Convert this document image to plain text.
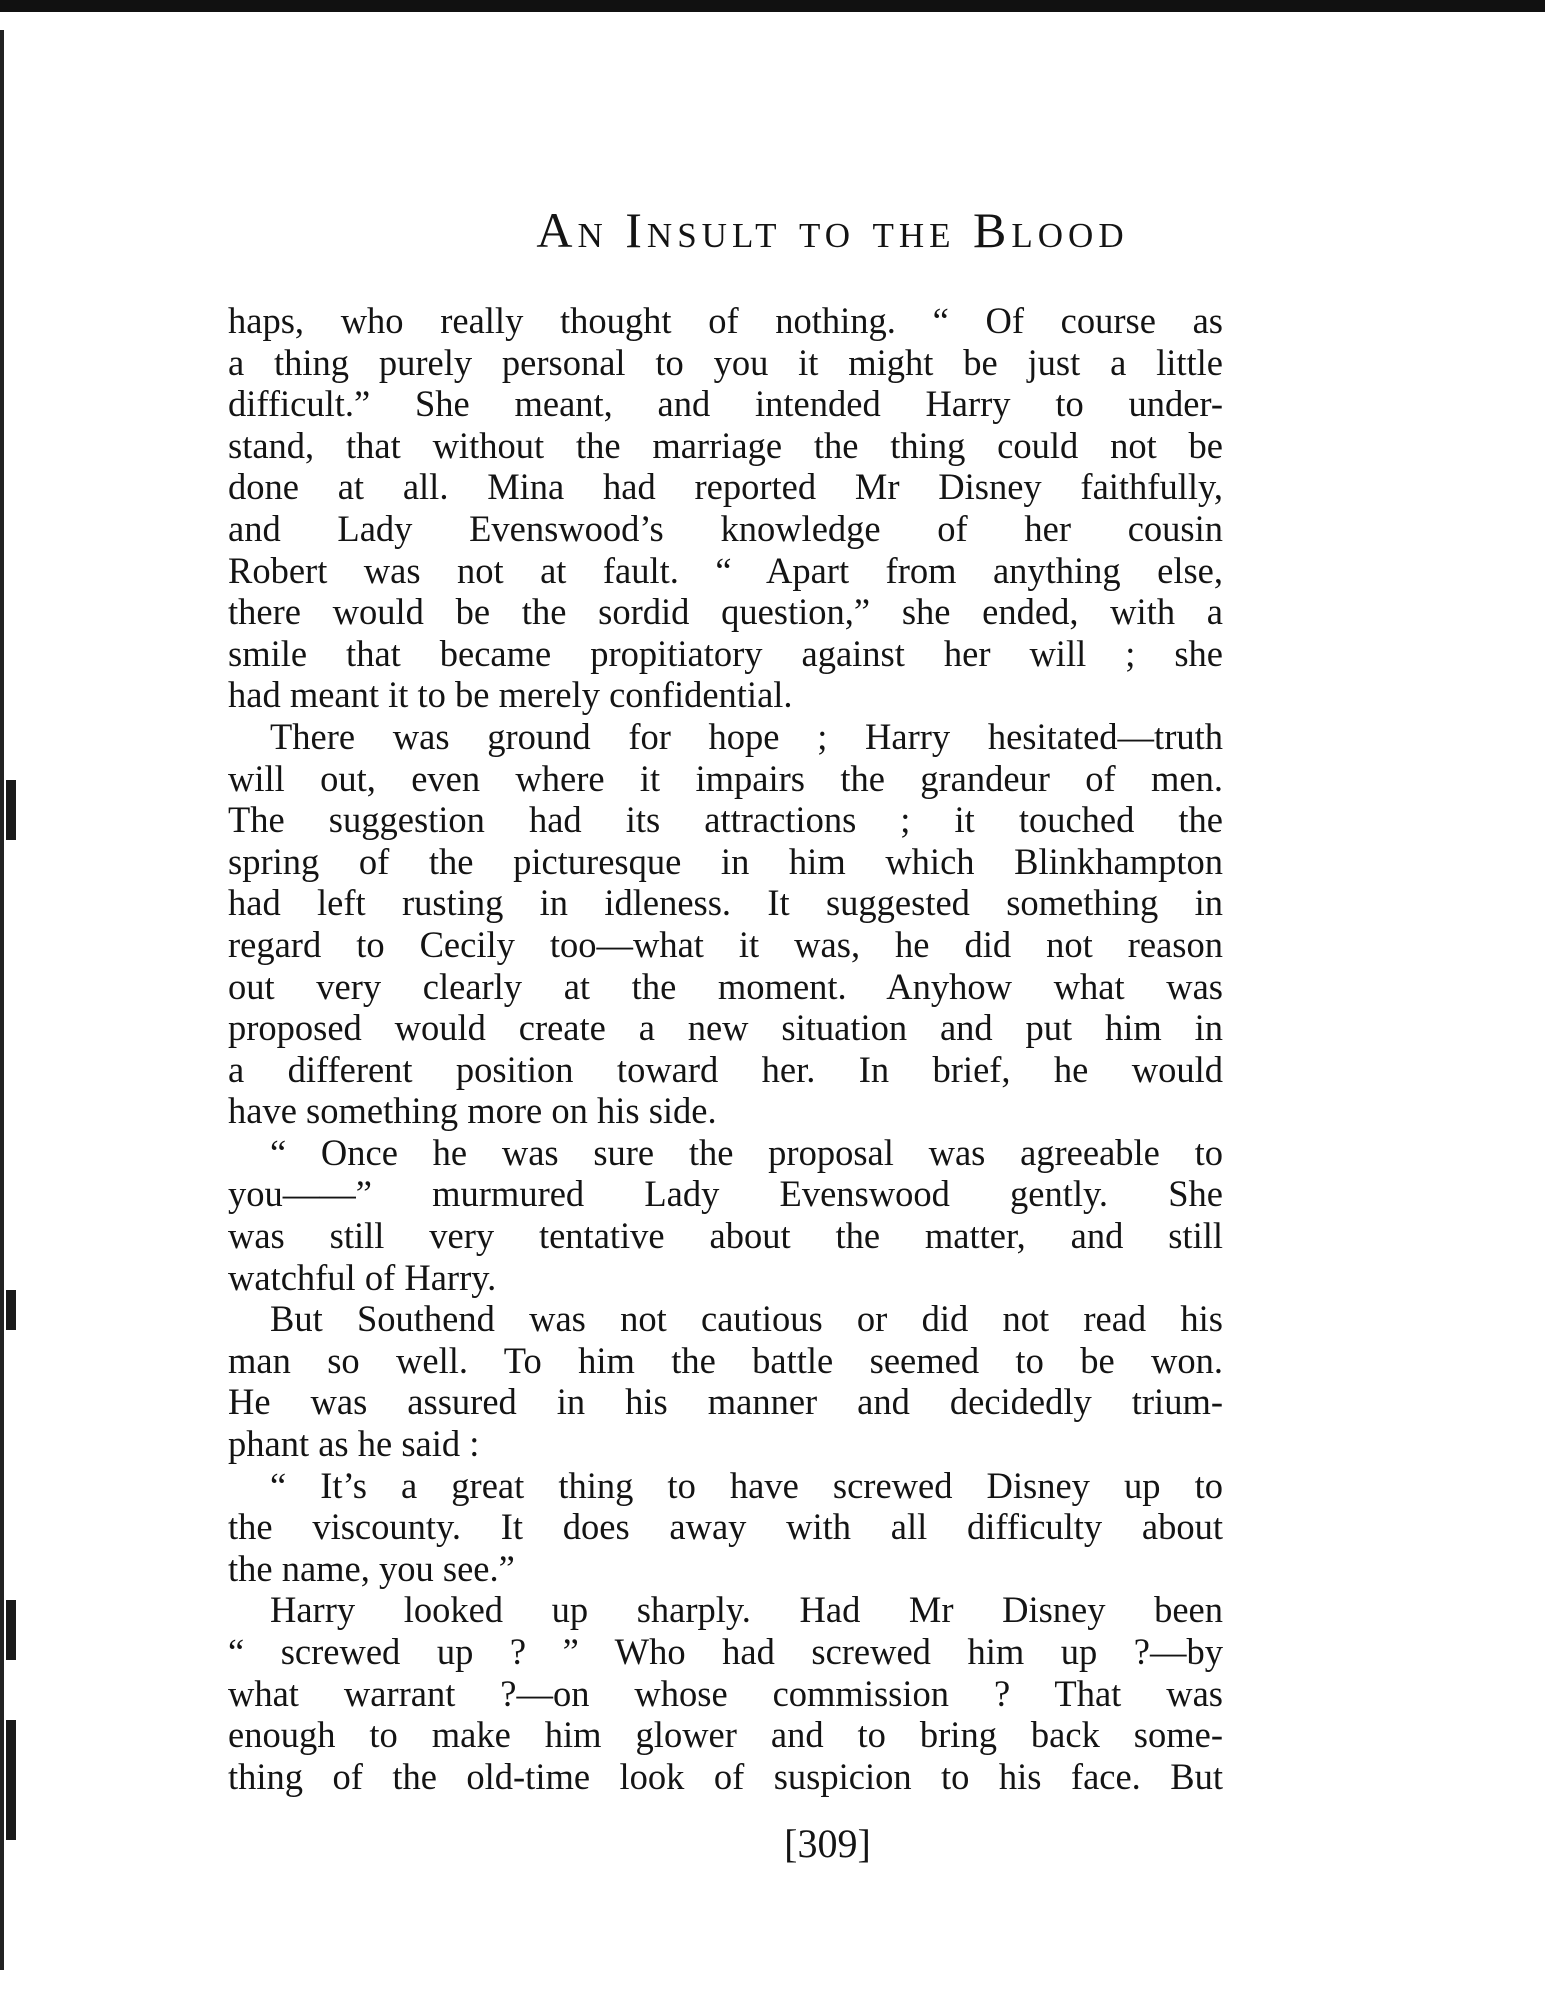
An Insult to the Blood
haps, who really thought of nothing. “ Of course as
a thing purely personal to you it might be just a little
difficult.” She meant, and intended Harry to under-
stand, that without the marriage the thing could not be
done at all. Mina had reported Mr Disney faithfully,
and Lady Evenswood’s knowledge of her cousin
Robert was not at fault. “ Apart from anything else,
there would be the sordid question,” she ended, with a
smile that became propitiatory against her will ; she
had meant it to be merely confidential.
There was ground for hope ; Harry hesitated—truth
will out, even where it impairs the grandeur of men.
The suggestion had its attractions ; it touched the
spring of the picturesque in him which Blinkhampton
had left rusting in idleness. It suggested something in
regard to Cecily too—what it was, he did not reason
out very clearly at the moment. Anyhow what was
proposed would create a new situation and put him in
a different position toward her. In brief, he would
have something more on his side.
“ Once he was sure the proposal was agreeable to
you——” murmured Lady Evenswood gently. She
was still very tentative about the matter, and still
watchful of Harry.
But Southend was not cautious or did not read his
man so well. To him the battle seemed to be won.
He was assured in his manner and decidedly trium-
phant as he said :
“ It’s a great thing to have screwed Disney up to
the viscounty. It does away with all difficulty about
the name, you see.”
Harry looked up sharply. Had Mr Disney been
“ screwed up ? ” Who had screwed him up ?—by
what warrant ?—on whose commission ? That was
enough to make him glower and to bring back some-
thing of the old-time look of suspicion to his face. But
[309]
